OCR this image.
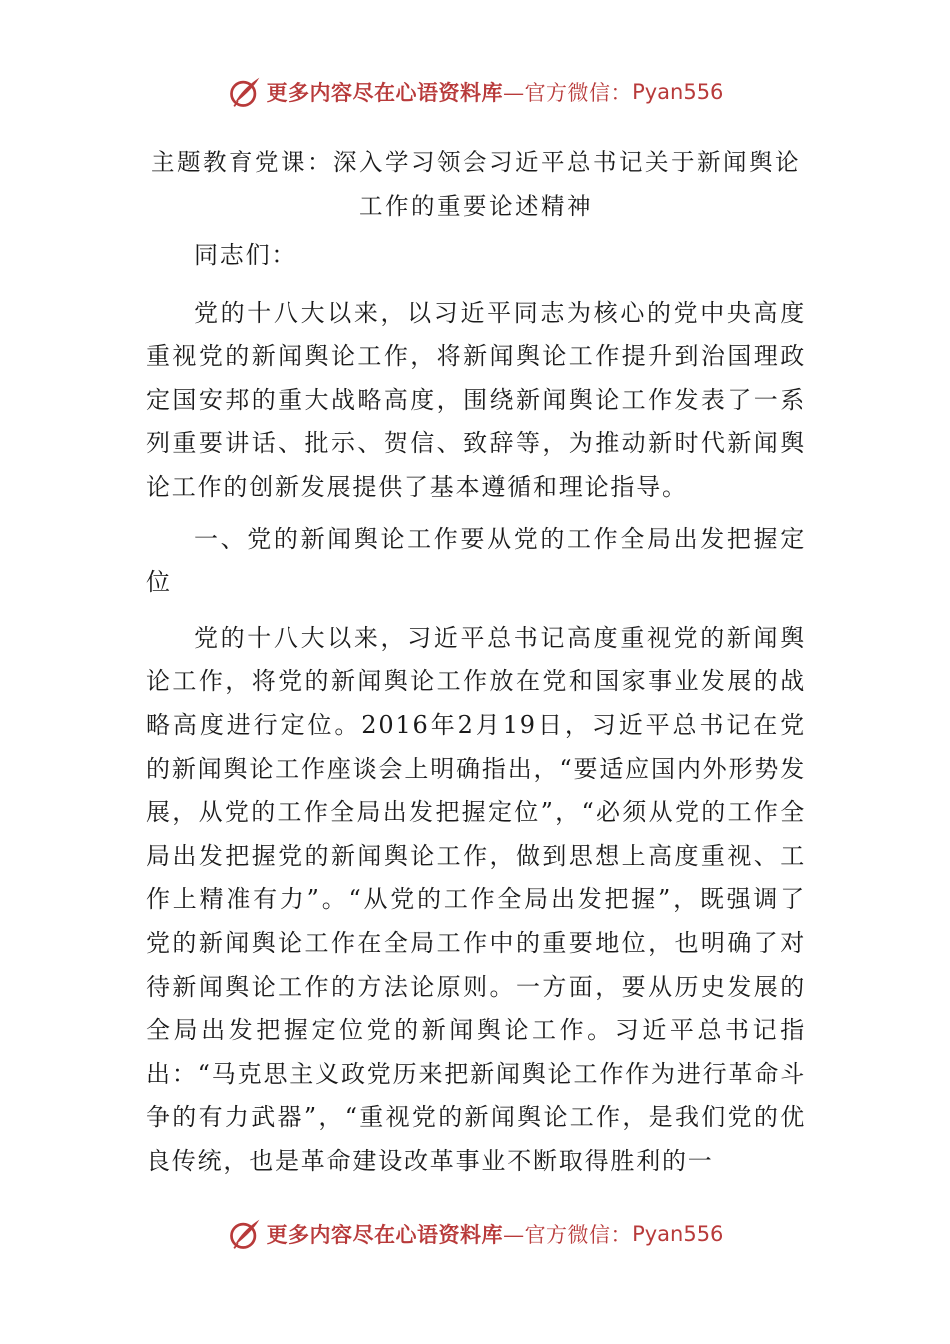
更多内容尽在心语资料库 —官方微信： Pyan556
主题教育党课：深入学习领会习近平总书记关于新闻舆论
工作的重要论述精神

同志们：

党的十八大以来，以习近平同志为核心的党中央高度重视党的新闻舆论工作，将新闻舆论工作提升到治国理政定国安邦的重大战略高度，围绕新闻舆论工作发表了一系列重要讲话、批示、贺信、致辞等，为推动新时代新闻舆论工作的创新发展提供了基本遵循和理论指导。

一、党的新闻舆论工作要从党的工作全局出发把握定位

党的十八大以来，习近平总书记高度重视党的新闻舆论工作，将党的新闻舆论工作放在党和国家事业发展的战略高度进行定位。2016年2月19日，习近平总书记在党的新闻舆论工作座谈会上明确指出，“要适应国内外形势发展，从党的工作全局出发把握定位”，“必须从党的工作全局出发把握党的新闻舆论工作，做到思想上高度重视、工作上精准有力”。“从党的工作全局出发把握”，既强调了党的新闻舆论工作在全局工作中的重要地位，也明确了对待新闻舆论工作的方法论原则。一方面，要从历史发展的全局出发把握定位党的新闻舆论工作。习近平总书记指出：“马克思主义政党历来把新闻舆论工作作为进行革命斗争的有力武器”，“重视党的新闻舆论工作，是我们党的优良传统，也是革命建设改革事业不断取得胜利的一

更多内容尽在心语资料库 —官方微信： Pyan556
